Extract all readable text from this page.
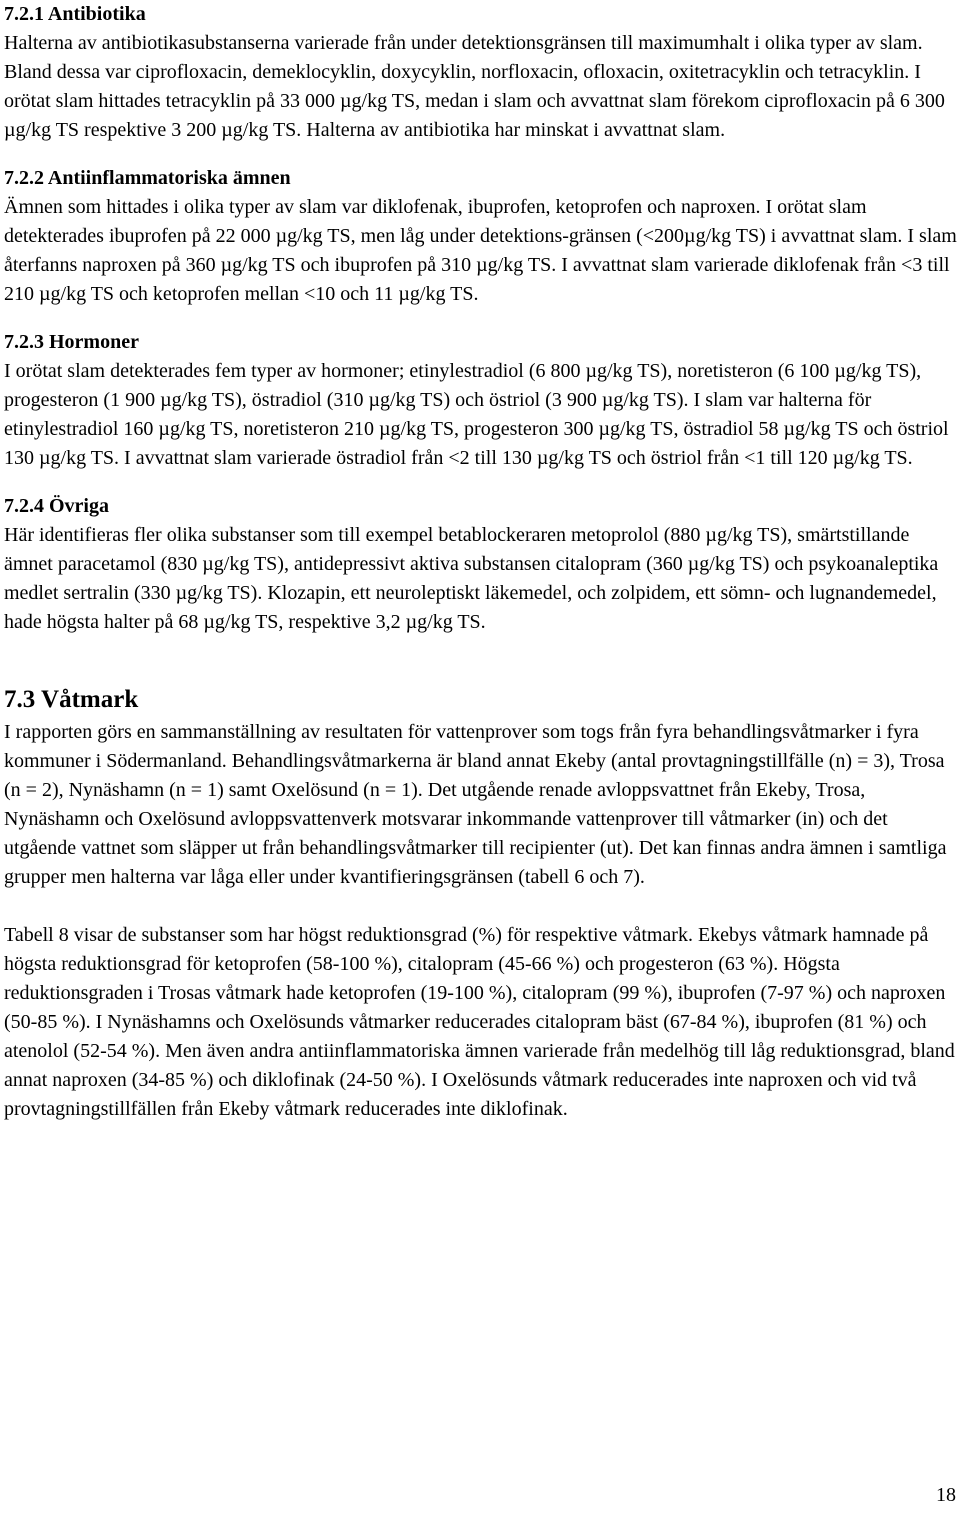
7.2.1 Antibiotika

Halterna av antibiotikasubstanserna varierade från under detektionsgränsen till maximumhalt i olika typer av slam. Bland dessa var ciprofloxacin, demeklocyklin, doxycyklin, norfloxacin, ofloxacin, oxitetracyklin och tetracyklin. I orötat slam hittades tetracyklin på 33 000 µg/kg TS, medan i slam och avvattnat slam förekom ciprofloxacin på 6 300 µg/kg TS respektive 3 200 µg/kg TS. Halterna av antibiotika har minskat i avvattnat slam.

7.2.2 Antiinflammatoriska ämnen

Ämnen som hittades i olika typer av slam var diklofenak, ibuprofen, ketoprofen och naproxen. I orötat slam detekterades ibuprofen på 22 000 µg/kg TS, men låg under detektions-gränsen (<200µg/kg TS) i avvattnat slam. I slam återfanns naproxen på 360 µg/kg TS och ibuprofen på 310 µg/kg TS. I avvattnat slam varierade diklofenak från <3 till 210 µg/kg TS och ketoprofen mellan <10 och 11 µg/kg TS.

7.2.3 Hormoner

I orötat slam detekterades fem typer av hormoner; etinylestradiol (6 800 µg/kg TS), noretisteron (6 100 µg/kg TS), progesteron (1 900 µg/kg TS), östradiol (310 µg/kg TS) och östriol (3 900 µg/kg TS). I slam var halterna för etinylestradiol 160 µg/kg TS, noretisteron 210 µg/kg TS, progesteron 300 µg/kg TS, östradiol 58 µg/kg TS och östriol 130 µg/kg TS. I avvattnat slam varierade östradiol från <2 till 130 µg/kg TS och östriol från <1 till 120 µg/kg TS.

7.2.4 Övriga

Här identifieras fler olika substanser som till exempel betablockeraren metoprolol (880 µg/kg TS), smärtstillande ämnet paracetamol (830 µg/kg TS), antidepressivt aktiva substansen citalopram (360 µg/kg TS) och psykoanaleptika medlet sertralin (330 µg/kg TS). Klozapin, ett neuroleptiskt läkemedel, och zolpidem, ett sömn- och lugnandemedel, hade högsta halter på 68 µg/kg TS, respektive 3,2 µg/kg TS.

7.3 Våtmark

I rapporten görs en sammanställning av resultaten för vattenprover som togs från fyra behandlingsvåtmarker i fyra kommuner i Södermanland. Behandlingsvåtmarkerna är bland annat Ekeby (antal provtagningstillfälle (n) = 3), Trosa (n = 2), Nynäshamn (n = 1) samt Oxelösund (n = 1). Det utgående renade avloppsvattnet från Ekeby, Trosa, Nynäshamn och Oxelösund avloppsvattenverk motsvarar inkommande vattenprover till våtmarker (in) och det utgående vattnet som släpper ut från behandlingsvåtmarker till recipienter (ut). Det kan finnas andra ämnen i samtliga grupper men halterna var låga eller under kvantifieringsgränsen (tabell 6 och 7).

Tabell 8 visar de substanser som har högst reduktionsgrad (%) för respektive våtmark. Ekebys våtmark hamnade på högsta reduktionsgrad för ketoprofen (58-100 %), citalopram (45-66 %) och progesteron (63 %). Högsta reduktionsgraden i Trosas våtmark hade ketoprofen (19-100 %), citalopram (99 %), ibuprofen (7-97 %) och naproxen (50-85 %). I Nynäshamns och Oxelösunds våtmarker reducerades citalopram bäst (67-84 %), ibuprofen (81 %) och atenolol (52-54 %). Men även andra antiinflammatoriska ämnen varierade från medelhög till låg reduktionsgrad, bland annat naproxen (34-85 %) och diklofinak (24-50 %). I Oxelösunds våtmark reducerades inte naproxen och vid två provtagningstillfällen från Ekeby våtmark reducerades inte diklofinak.

18
